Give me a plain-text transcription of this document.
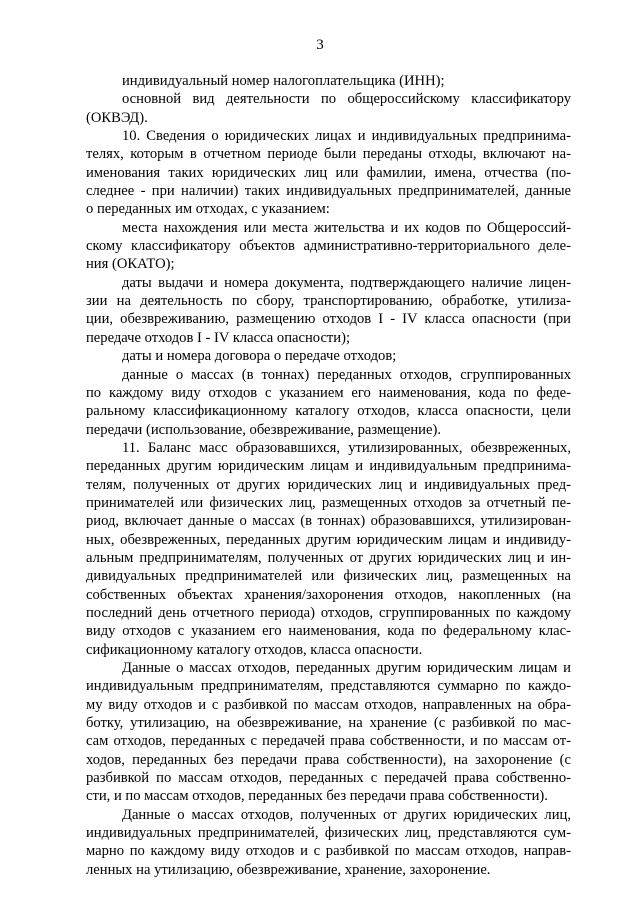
3
индивидуальный номер налогоплательщика (ИНН);
основной вид деятельности по общероссийскому классификатору
(ОКВЭД).
10. Сведения о юридических лицах и индивидуальных предпринима-
телях, которым в отчетном периоде были переданы отходы, включают на-
именования таких юридических лиц или фамилии, имена, отчества (по-
следнее - при наличии) таких индивидуальных предпринимателей, данные
о переданных им отходах, с указанием:
места нахождения или места жительства и их кодов по Общероссий-
скому классификатору объектов административно-территориального деле-
ния (ОКАТО);
даты выдачи и номера документа, подтверждающего наличие лицен-
зии на деятельность по сбору, транспортированию, обработке, утилиза-
ции, обезвреживанию, размещению отходов I - IV класса опасности (при
передаче отходов I - IV класса опасности);
даты и номера договора о передаче отходов;
данные о массах (в тоннах) переданных отходов, сгруппированных
по каждому виду отходов с указанием его наименования, кода по феде-
ральному классификационному каталогу отходов, класса опасности, цели
передачи (использование, обезвреживание, размещение).
11. Баланс масс образовавшихся, утилизированных, обезвреженных,
переданных другим юридическим лицам и индивидуальным предпринима-
телям, полученных от других юридических лиц и индивидуальных пред-
принимателей или физических лиц, размещенных отходов за отчетный пе-
риод, включает данные о массах (в тоннах) образовавшихся, утилизирован-
ных, обезвреженных, переданных другим юридическим лицам и индивиду-
альным предпринимателям, полученных от других юридических лиц и ин-
дивидуальных предпринимателей или физических лиц, размещенных на
собственных объектах хранения/захоронения отходов, накопленных (на
последний день отчетного периода) отходов, сгруппированных по каждому
виду отходов с указанием его наименования, кода по федеральному клас-
сификационному каталогу отходов, класса опасности.
Данные о массах отходов, переданных другим юридическим лицам и
индивидуальным предпринимателям, представляются суммарно по каждо-
му виду отходов и с разбивкой по массам отходов, направленных на обра-
ботку, утилизацию, на обезвреживание, на хранение (с разбивкой по мас-
сам отходов, переданных с передачей права собственности, и по массам от-
ходов, переданных без передачи права собственности), на захоронение (с
разбивкой по массам отходов, переданных с передачей права собственно-
сти, и по массам отходов, переданных без передачи права собственности).
Данные о массах отходов, полученных от других юридических лиц,
индивидуальных предпринимателей, физических лиц, представляются сум-
марно по каждому виду отходов и с разбивкой по массам отходов, направ-
ленных на утилизацию, обезвреживание, хранение, захоронение.
